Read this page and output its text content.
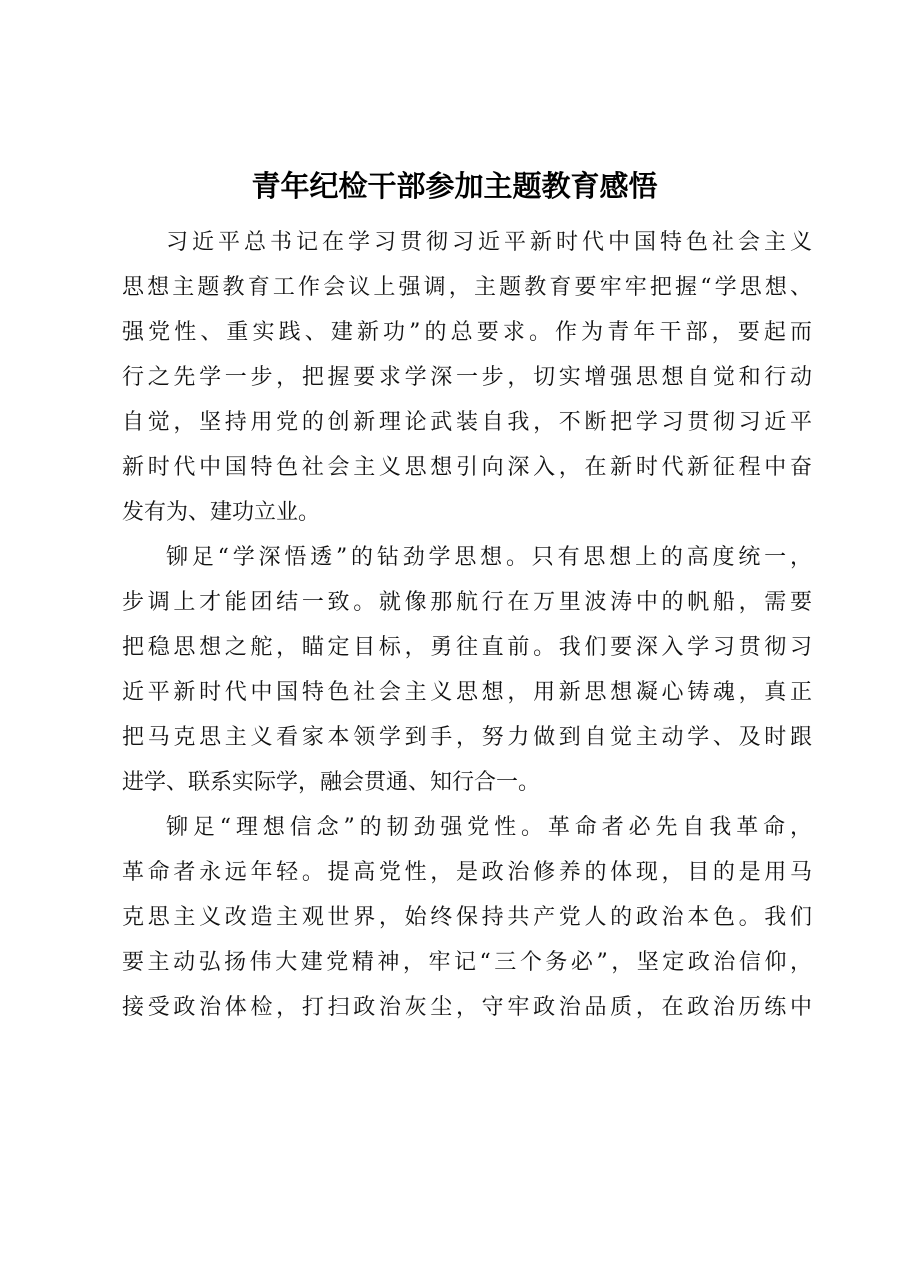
青年纪检干部参加主题教育感悟
习近平总书记在学习贯彻习近平新时代中国特色社会主义
思想主题教育工作会议上强调，主题教育要牢牢把握“学思想、
强党性、重实践、建新功”的总要求。作为青年干部，要起而
行之先学一步，把握要求学深一步，切实增强思想自觉和行动
自觉，坚持用党的创新理论武装自我，不断把学习贯彻习近平
新时代中国特色社会主义思想引向深入，在新时代新征程中奋
发有为、建功立业。
铆足“学深悟透”的钻劲学思想。只有思想上的高度统一，
步调上才能团结一致。就像那航行在万里波涛中的帆船，需要
把稳思想之舵，瞄定目标，勇往直前。我们要深入学习贯彻习
近平新时代中国特色社会主义思想，用新思想凝心铸魂，真正
把马克思主义看家本领学到手，努力做到自觉主动学、及时跟
进学、联系实际学，融会贯通、知行合一。
铆足“理想信念”的韧劲强党性。革命者必先自我革命，
革命者永远年轻。提高党性，是政治修养的体现，目的是用马
克思主义改造主观世界，始终保持共产党人的政治本色。我们
要主动弘扬伟大建党精神，牢记“三个务必”，坚定政治信仰，
接受政治体检，打扫政治灰尘，守牢政治品质，在政治历练中
